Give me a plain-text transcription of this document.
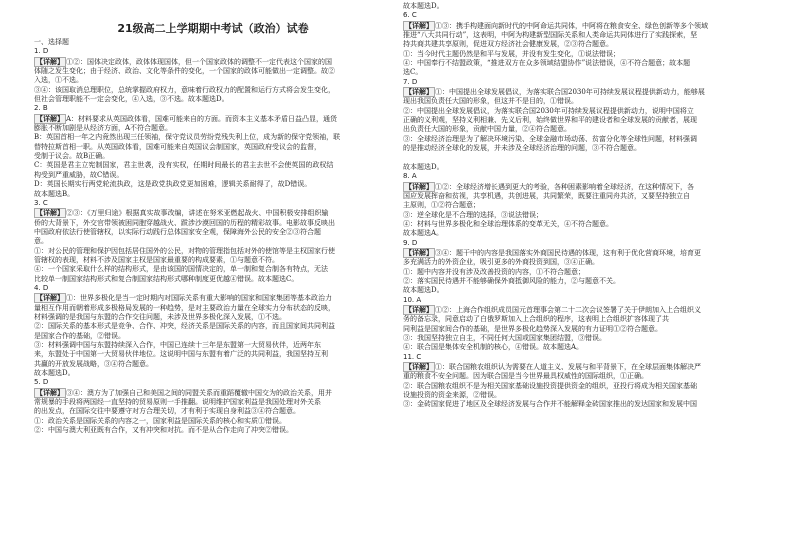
21级高二上学期期中考试（政治）试卷
一、选择题
1. D
【详解】 ①②：国体决定政体，政体体现国体，但一个国家政体的调整不一定代表这个国家的国
体随之发生变化；由于经济、政治、文化等条件的变化，一个国家的政体可能做出一定调整。故②
入选，①不选。
③④：该国取消总理职位，总统掌握政府权力，意味着行政权力的配置和运行方式将会发生变化，
但社会管理职能不一定会变化，④入选，③不选。故本题选D。
2. B
【详解】 A：材料要求从英国政体看，国难可能来自的方面。而资本主义基本矛盾日益凸显，通货
膨胀不断加剧是从经济方面，A不符合题意。
B：英国首相一年之内竟然出现三任领袖，保守党议员劳纷党残失利上位，成为新的保守党领袖，联
替特拉斯首相一职。从英国政体看，国难可能来自英国议会制国家，英国政府受议会的监督，
受制于议会。故B正确。
C：英国是君主立宪制国家，君主世袭，没有实权，任期时间最长的君主去世不会使英国的政权结
构受到严重威胁，故C错误。
D：英国长期实行两党轮流执政，这是政党执政党更加困难，逻辑关系耐得了，故D错误。
故本题选B。
3. C
【详解】 ②③：《万里归途》根据真实故事改编，讲述在努米亚燃起战火、中国积极安排组织输
侨的大背景下，外交官带领被困同胞穿越战火、跋涉沙漠回国的历程的精彩故事。电影故事反映出
中国政府依法行使管辖权，以实际行动践行总体国家安全观，保障海外公民的安全②③符合题
意。
①：对公民的管理和保护因包括居住国外的公民，对物的管理指包括对外的使馆等是主权国家行使
管辖权的表现，材料不涉及国家主权是国家最重要的构成要素，①与题意不符。
④：一个国家采取什么样的结构形式，是由该国的国情决定的，单一制和复合制各有特点，无法
比较单一制国家结构形式和复合制国家结构形式哪种制度更优越④错误。故本题选C。
4. D
【详解】 ①：世界多极化是当一定时期内对国际关系有重大影响的国家和国家集团等基本政治力
量相互作用而朝着形成多极格局发展的一种趋势，是对主要政治力量在全球实力分布状态的反映，
材料强调的是我国与东盟的合作交往问题，未涉及世界多极化深入发展，①不选。
②：国际关系的基本形式是竞争、合作、冲突，经济关系是国际关系的内容，而且国家间共同利益
是国家合作的基础，②错误。
③：材料强调中国与东盟持续深入合作，中国已连续十三年是东盟第一大贸易伙伴，近两年东
来，东盟处于中国第一大贸易伙伴地位。这说明中国与东盟有着广泛的共同利益，我国坚持互利
共赢的开放发展战略，③④符合题意。
故本题选D。
5. D
【详解】 ③④：澳方为了加强自己和美国之间的同盟关系而重蹈覆辙中国交为的政治关系，用并
常规暴的手段将两国经一直坚持的贸易原则一手推翻。说明维护国家利益是我国处理对外关系
的出发点，在国际交往中要遵守对方合理关切，才有利于实现自身利益③④符合题意。
①：政治关系是国际关系的内容之一，国家利益是国际关系的核心和实质①错误。
②：中国与澳大利亚既有合作，又有冲突和对抗。而不是从合作走向了冲突②错误。
故本题选D。
6. C
【详解】 ①③：携手构建面向新时代的中阿命运共同体，中阿将在粮食安全、绿色创新等多个领域
推进“八大共同行动”，这表明，中阿为构建新型国际关系和人类命运共同体进行了实践探索，坚
持共商共建共享原则，促进双方经济社会健康发展，②③符合题意。
①：当今时代主题仍然是和平与发展，并没有发生变化，①说法错误；
④：中国奉行不结盟政策，“推进双方在众多领域结盟协作”说法错误，④不符合题意；故本题
选C。
7. D
【详解】 ①：中国提出全球发展倡议，为落实联合国2030年可持续发展议程提供新动力，能够展
现出我国负责任大国的形象，但这并不是目的，①错误。
②：中国提出全球发展倡议，为落实联合国2030年可持续发展议程提供新动力，说明中国将立
正确的义利观，坚持义利相兼、先义后利，始终做世界和平的建设者和全球发展的贡献者，展现
出负责任大国的形象，贡献中国力量，②④符合题意。
③：全球经济治理是为了解决环境污染、全球金融市场动荡、贫富分化等全球性问题，材料强调
的是推动经济全球化的发展，并未涉及全球经济治理的问题，③不符合题意。

故本题选D。
8. A
【详解】 ①②：全球经济增长遇到更大的考验，各种困素影响着全球经济，在这种情况下，各
国应发展挥奋和贫视，共享机遇，共创进展，共同繁荣，既要注重同舟共济，又要坚持独立自
主原则，①②符合题意；
③：逆全球化是不合理的选择，③说法错误；
④：材料与世界多极化和全球治理体系的变革无关，④不符合题意。
故本题选A。
9. D
【详解】 ③④：题干中的内容是我国落实外商国民待遇的体现，这有利于优化营商环境，培育更
多充满活力的外资企业，吸引更多的外商投资到国，③④正确。
①：题中内容并没有涉及改善投资的内容，①不符合题意；
②：落实国民待遇并不能够确保外商抵御风险的能力，②与题意不关。
故本题选D。
10. A
【详解】 ①②：上海合作组织成员国元首理事会第二十二次会议签署了关于伊朗加入上合组织义
务的备忘录，同意启动了白俄罗斯加入上合组织的程序，这表明上合组织扩容体现了共
同利益是国家间合作的基础，是世界多极化趋势深入发展的有力证明①②符合题意。
③：我国坚持独立自主，不同任何大国或国家集团结盟，③错误。
④：联合国是集体安全机制的核心，④错误。故本题选A。
11. C
【详解】 ①：联合国粮农组织认为需要在人道主义、发展与和平背景下，在全球层面集体解决严
重的粮食不安全问题。因为联合国是当今世界最具权威性的国际组织，①正确。
②：联合国粮农组织不是为相关国家基础设施投资提供资金的组织，亚投行将成为相关国家基础
设施投资的资金来源，②错误。
③：金砖国家促进了地区及全球经济发展与合作并不能解释金砖国家推出的发达国家和发展中国
